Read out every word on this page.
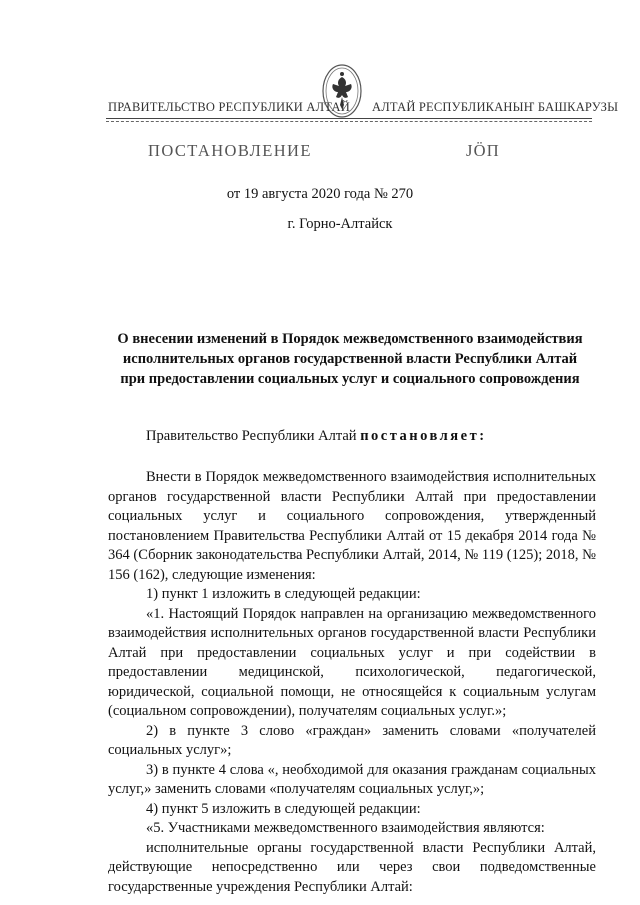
ПРАВИТЕЛЬСТВО РЕСПУБЛИКИ АЛТАЙ АЛТАЙ РЕСПУБЛИКАНЫҤ БАШКАРУЗЫ
ПОСТАНОВЛЕНИЕ	ЈӦП
от 19 августа 2020 года № 270
г. Горно-Алтайск
О внесении изменений в Порядок межведомственного взаимодействия
исполнительных органов государственной власти Республики Алтай
при предоставлении социальных услуг и социального сопровождения
Правительство Республики Алтай постановляет:

Внести в Порядок межведомственного взаимодействия исполнительных органов государственной власти Республики Алтай при предоставлении социальных услуг и социального сопровождения, утвержденный постановлением Правительства Республики Алтай от 15 декабря 2014 года № 364 (Сборник законодательства Республики Алтай, 2014, № 119 (125); 2018, № 156 (162), следующие изменения:

1) пункт 1 изложить в следующей редакции:

«1. Настоящий Порядок направлен на организацию межведомственного взаимодействия исполнительных органов государственной власти Республики Алтай при предоставлении социальных услуг и при содействии в предоставлении медицинской, психологической, педагогической, юридической, социальной помощи, не относящейся к социальным услугам (социальном сопровождении), получателям социальных услуг.»;

2) в пункте 3 слово «граждан» заменить словами «получателей социальных услуг»;

3) в пункте 4 слова «, необходимой для оказания гражданам социальных услуг,» заменить словами «получателям социальных услуг,»;

4) пункт 5 изложить в следующей редакции:

«5. Участниками межведомственного взаимодействия являются:

исполнительные органы государственной власти Республики Алтай, действующие непосредственно или через свои подведомственные государственные учреждения Республики Алтай:
